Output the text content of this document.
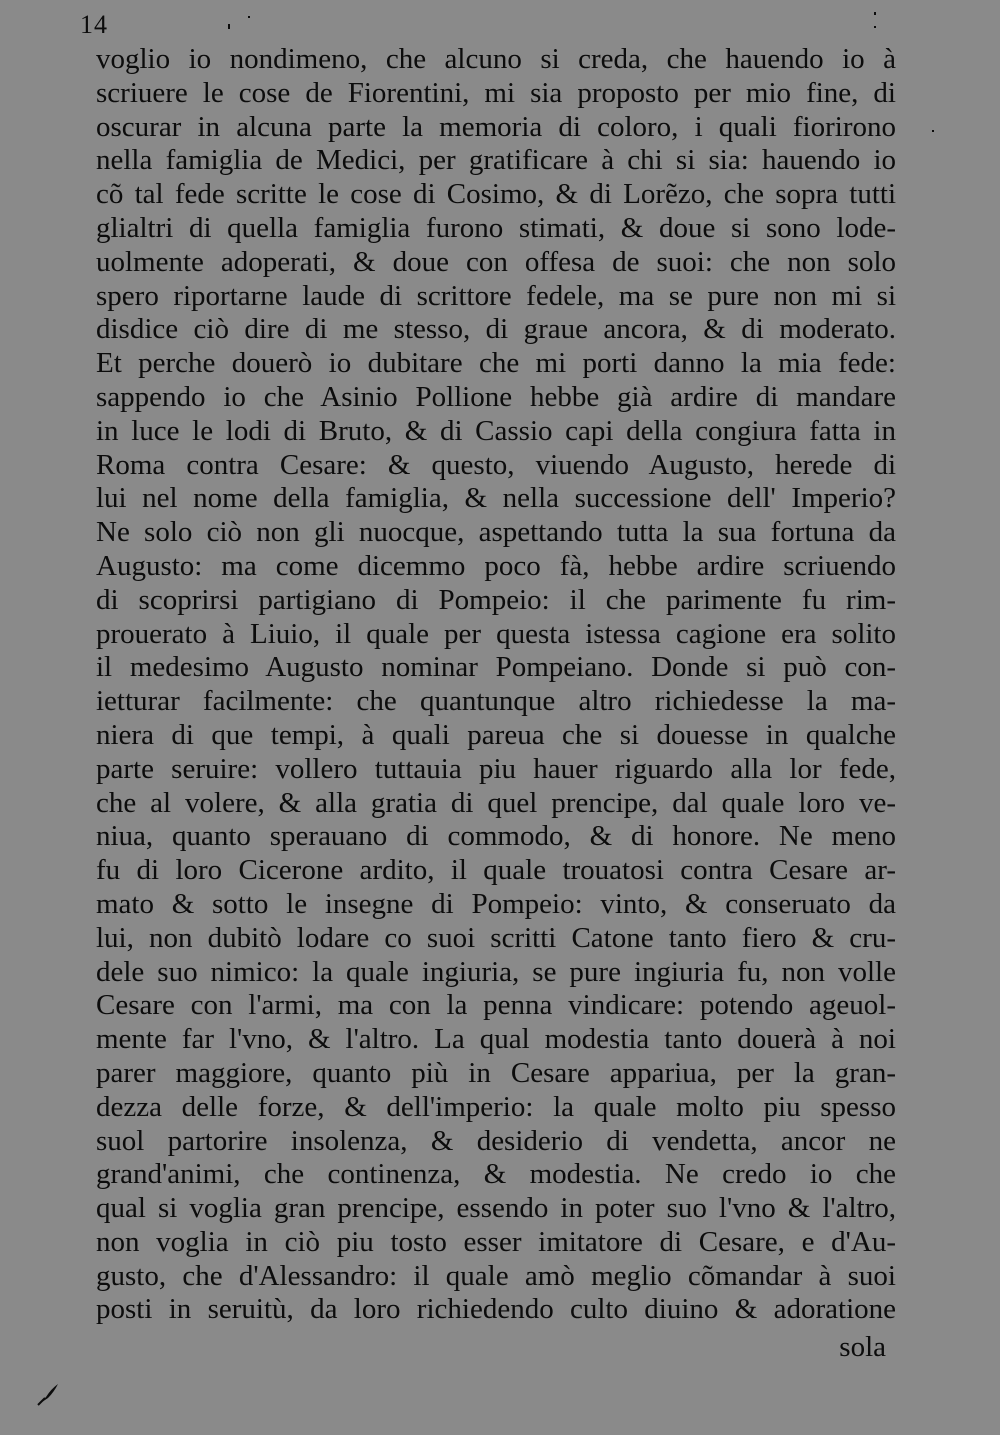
14
voglio io nondimeno, che alcuno si creda, che hauendo io à
scriuere le cose de Fiorentini, mi sia proposto per mio fine, di
oscurar in alcuna parte la memoria di coloro, i quali fiorirono
nella famiglia de Medici, per gratificare à chi si sia: hauendo io
cõ tal fede scritte le cose di Cosimo, & di Lorẽzo, che sopra tutti
glialtri di quella famiglia furono stimati, & doue si sono lode-
uolmente adoperati, & doue con offesa de suoi: che non solo
spero riportarne laude di scrittore fedele, ma se pure non mi si
disdice ciò dire di me stesso, di graue ancora, & di moderato.
Et perche douerò io dubitare che mi porti danno la mia fede:
sappendo io che Asinio Pollione hebbe già ardire di mandare
in luce le lodi di Bruto, & di Cassio capi della congiura fatta in
Roma contra Cesare: & questo, viuendo Augusto, herede di
lui nel nome della famiglia, & nella successione dell' Imperio?
Ne solo ciò non gli nuocque, aspettando tutta la sua fortuna da
Augusto: ma come dicemmo poco fà, hebbe ardire scriuendo
di scoprirsi partigiano di Pompeio: il che parimente fu rim-
prouerato à Liuio, il quale per questa istessa cagione era solito
il medesimo Augusto nominar Pompeiano. Donde si può con-
ietturar facilmente: che quantunque altro richiedesse la ma-
niera di que tempi, à quali pareua che si douesse in qualche
parte seruire: vollero tuttauia piu hauer riguardo alla lor fede,
che al volere, & alla gratia di quel prencipe, dal quale loro ve-
niua, quanto sperauano di commodo, & di honore. Ne meno
fu di loro Cicerone ardito, il quale trouatosi contra Cesare ar-
mato & sotto le insegne di Pompeio: vinto, & conseruato da
lui, non dubitò lodare co suoi scritti Catone tanto fiero & cru-
dele suo nimico: la quale ingiuria, se pure ingiuria fu, non volle
Cesare con l'armi, ma con la penna vindicare: potendo ageuol-
mente far l'vno, & l'altro. La qual modestia tanto douerà à noi
parer maggiore, quanto più in Cesare appariua, per la gran-
dezza delle forze, & dell'imperio: la quale molto piu spesso
suol partorire insolenza, & desiderio di vendetta, ancor ne
grand'animi, che continenza, & modestia. Ne credo io che
qual si voglia gran prencipe, essendo in poter suo l'vno & l'altro,
non voglia in ciò piu tosto esser imitatore di Cesare, e d'Au-
gusto, che d'Alessandro: il quale amò meglio cõmandar à suoi
posti in seruitù, da loro richiedendo culto diuino & adoratione
sola
